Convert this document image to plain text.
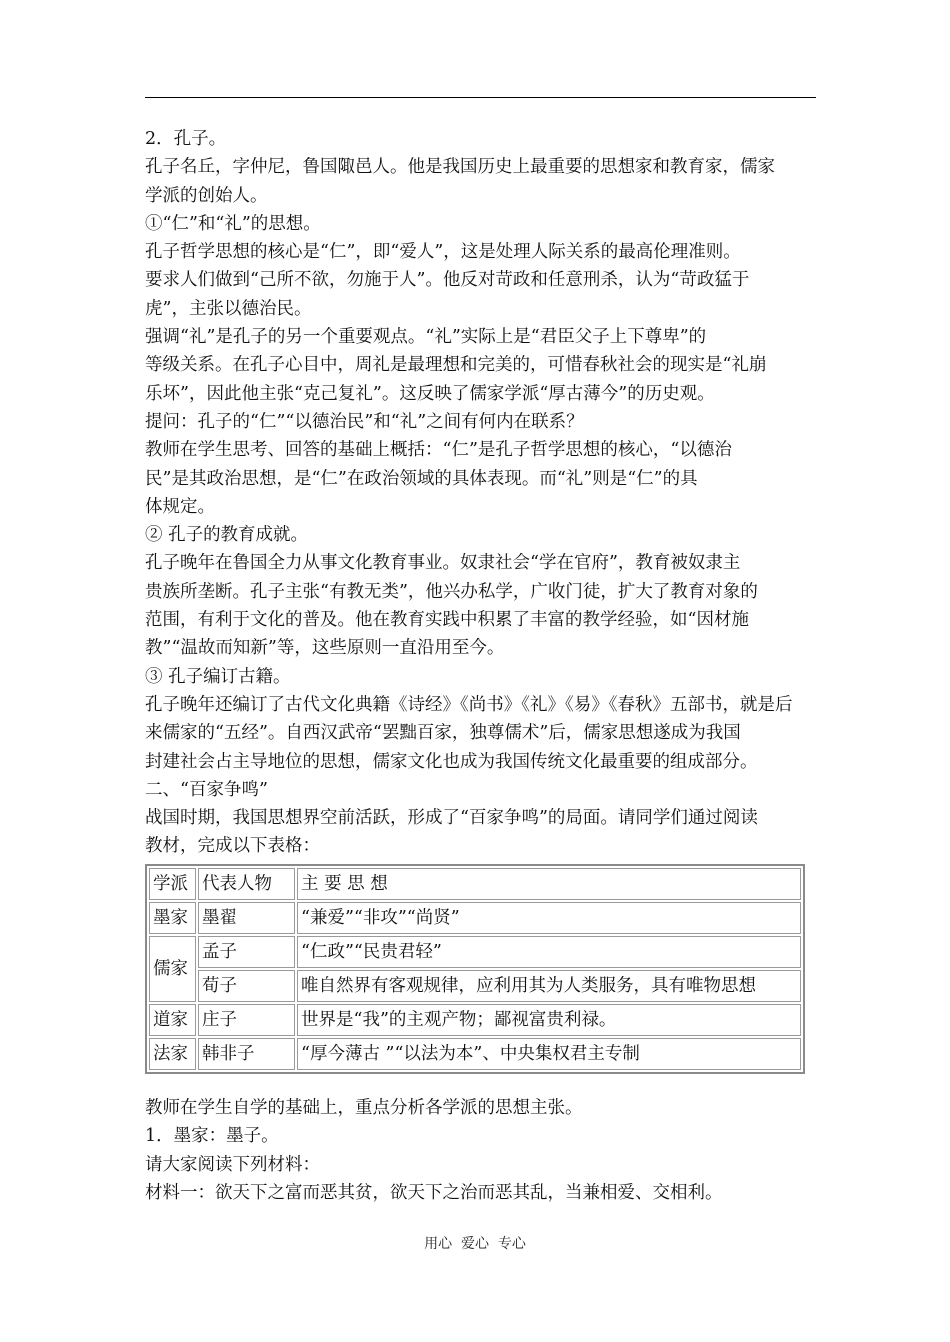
2．孔子。
孔子名丘，字仲尼，鲁国陬邑人。他是我国历史上最重要的思想家和教育家，儒家
学派的创始人。
①“仁”和“礼”的思想。
孔子哲学思想的核心是“仁”，即“爱人”，这是处理人际关系的最高伦理准则。
要求人们做到“己所不欲，勿施于人”。他反对苛政和任意刑杀，认为“苛政猛于
虎”，主张以德治民。
强调“礼”是孔子的另一个重要观点。“礼”实际上是“君臣父子上下尊卑”的
等级关系。在孔子心目中，周礼是最理想和完美的，可惜春秋社会的现实是“礼崩
乐坏”，因此他主张“克己复礼”。这反映了儒家学派“厚古薄今”的历史观。
提问：孔子的“仁”“以德治民”和“礼”之间有何内在联系？
教师在学生思考、回答的基础上概括：“仁”是孔子哲学思想的核心，“以德治
民”是其政治思想，是“仁”在政治领域的具体表现。而“礼”则是“仁”的具
体规定。
② 孔子的教育成就。
孔子晚年在鲁国全力从事文化教育事业。奴隶社会“学在官府”，教育被奴隶主
贵族所垄断。孔子主张“有教无类”，他兴办私学，广收门徒，扩大了教育对象的
范围，有利于文化的普及。他在教育实践中积累了丰富的教学经验，如“因材施
教”“温故而知新”等，这些原则一直沿用至今。
③ 孔子编订古籍。
孔子晚年还编订了古代文化典籍《诗经》《尚书》《礼》《易》《春秋》五部书，就是后
来儒家的“五经”。自西汉武帝“罢黜百家，独尊儒术”后，儒家思想遂成为我国
封建社会占主导地位的思想，儒家文化也成为我国传统文化最重要的组成部分。
二、“百家争鸣”
战国时期，我国思想界空前活跃，形成了“百家争鸣”的局面。请同学们通过阅读
教材，完成以下表格：
学派	代表人物	主 要 思 想
墨家	墨翟	“兼爱”“非攻”“尚贤”
儒家	孟子	“仁政”“民贵君轻”
	荀子	唯自然界有客观规律，应利用其为人类服务，具有唯物思想
道家	庄子	世界是“我”的主观产物；鄙视富贵利禄。
法家	韩非子	“厚今薄古 ”“以法为本”、中央集权君主专制
教师在学生自学的基础上，重点分析各学派的思想主张。
1．墨家：墨子。
请大家阅读下列材料：
材料一：欲天下之富而恶其贫，欲天下之治而恶其乱，当兼相爱、交相利。
用心  爱心  专心
